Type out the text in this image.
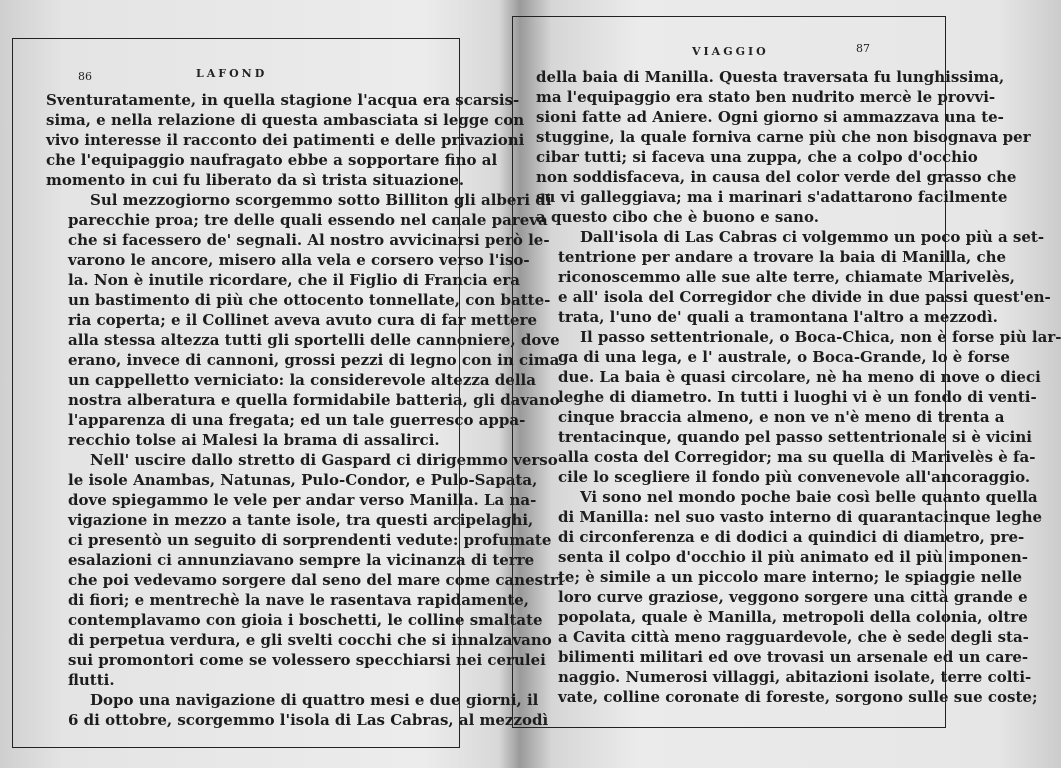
86	LAFOND

Sventuratamente, in quella stagione l'acqua era scarsis-
sima, e nella relazione di questa ambasciata si legge con
vivo interesse il racconto dei patimenti e delle privazioni
che l'equipaggio naufragato ebbe a sopportare fino al
momento in cui fu liberato da sì trista situazione.

Sul mezzogiorno scorgemmo sotto Billiton gli alberi di
parecchie proa; tre delle quali essendo nel canale pareva
che si facessero de' segnali. Al nostro avvicinarsi però le-
varono le ancore, misero alla vela e corsero verso l'iso-
la. Non è inutile ricordare, che il Figlio di Francia era
un bastimento di più che ottocento tonnellate, con batte-
ria coperta; e il Collinet aveva avuto cura di far mettere
alla stessa altezza tutti gli sportelli delle cannoniere, dove
erano, invece di cannoni, grossi pezzi di legno con in cima
un cappelletto verniciato: la considerevole altezza della
nostra alberatura e quella formidabile batteria, gli davano
l'apparenza di una fregata; ed un tale guerresco appa-
recchio tolse ai Malesi la brama di assalirci.

Nell' uscire dallo stretto di Gaspard ci dirigemmo verso
le isole Anambas, Natunas, Pulo-Condor, e Pulo-Sapata,
dove spiegammo le vele per andar verso Manilla. La na-
vigazione in mezzo a tante isole, tra questi arcipelaghi,
ci presentò un seguito di sorprendenti vedute: profumate
esalazioni ci annunziavano sempre la vicinanza di terre
che poi vedevamo sorgere dal seno del mare come canestri
di fiori; e mentrechè la nave le rasentava rapidamente,
contemplavamo con gioia i boschetti, le colline smaltate
di perpetua verdura, e gli svelti cocchi che si innalzavano
sui promontori come se volessero specchiarsi nei cerulei
flutti.

Dopo una navigazione di quattro mesi e due giorni, il
6 di ottobre, scorgemmo l'isola di Las Cabras, al mezzodì

VIAGGIO	87

della baia di Manilla. Questa traversata fu lunghissima,
ma l'equipaggio era stato ben nudrito mercè le provvi-
sioni fatte ad Aniere. Ogni giorno si ammazzava una te-
stuggine, la quale forniva carne più che non bisognava per
cibar tutti; si faceva una zuppa, che a colpo d'occhio
non soddisfaceva, in causa del color verde del grasso che
su vi galleggiava; ma i marinari s'adattarono facilmente
a questo cibo che è buono e sano.

Dall'isola di Las Cabras ci volgemmo un poco più a set-
tentrione per andare a trovare la baia di Manilla, che
riconoscemmo alle sue alte terre, chiamate Marivelès,
e all' isola del Corregidor che divide in due passi quest'en-
trata, l'uno de' quali a tramontana l'altro a mezzodì.

Il passo settentrionale, o Boca-Chica, non è forse più lar-
ga di una lega, e l' australe, o Boca-Grande, lo è forse
due. La baia è quasi circolare, nè ha meno di nove o dieci
leghe di diametro. In tutti i luoghi vi è un fondo di venti-
cinque braccia almeno, e non ve n'è meno di trenta a
trentacinque, quando pel passo settentrionale si è vicini
alla costa del Corregidor; ma su quella di Marivelès è fa-
cile lo scegliere il fondo più convenevole all'ancoraggio.

Vi sono nel mondo poche baie così belle quanto quella
di Manilla: nel suo vasto interno di quarantacinque leghe
di circonferenza e di dodici a quindici di diametro, pre-
senta il colpo d'occhio il più animato ed il più imponen-
te; è simile a un piccolo mare interno; le spiaggie nelle
loro curve graziose, veggono sorgere una città grande e
popolata, quale è Manilla, metropoli della colonia, oltre
a Cavita città meno ragguardevole, che è sede degli sta-
bilimenti militari ed ove trovasi un arsenale ed un care-
naggio. Numerosi villaggi, abitazioni isolate, terre colti-
vate, colline coronate di foreste, sorgono sulle sue coste;
